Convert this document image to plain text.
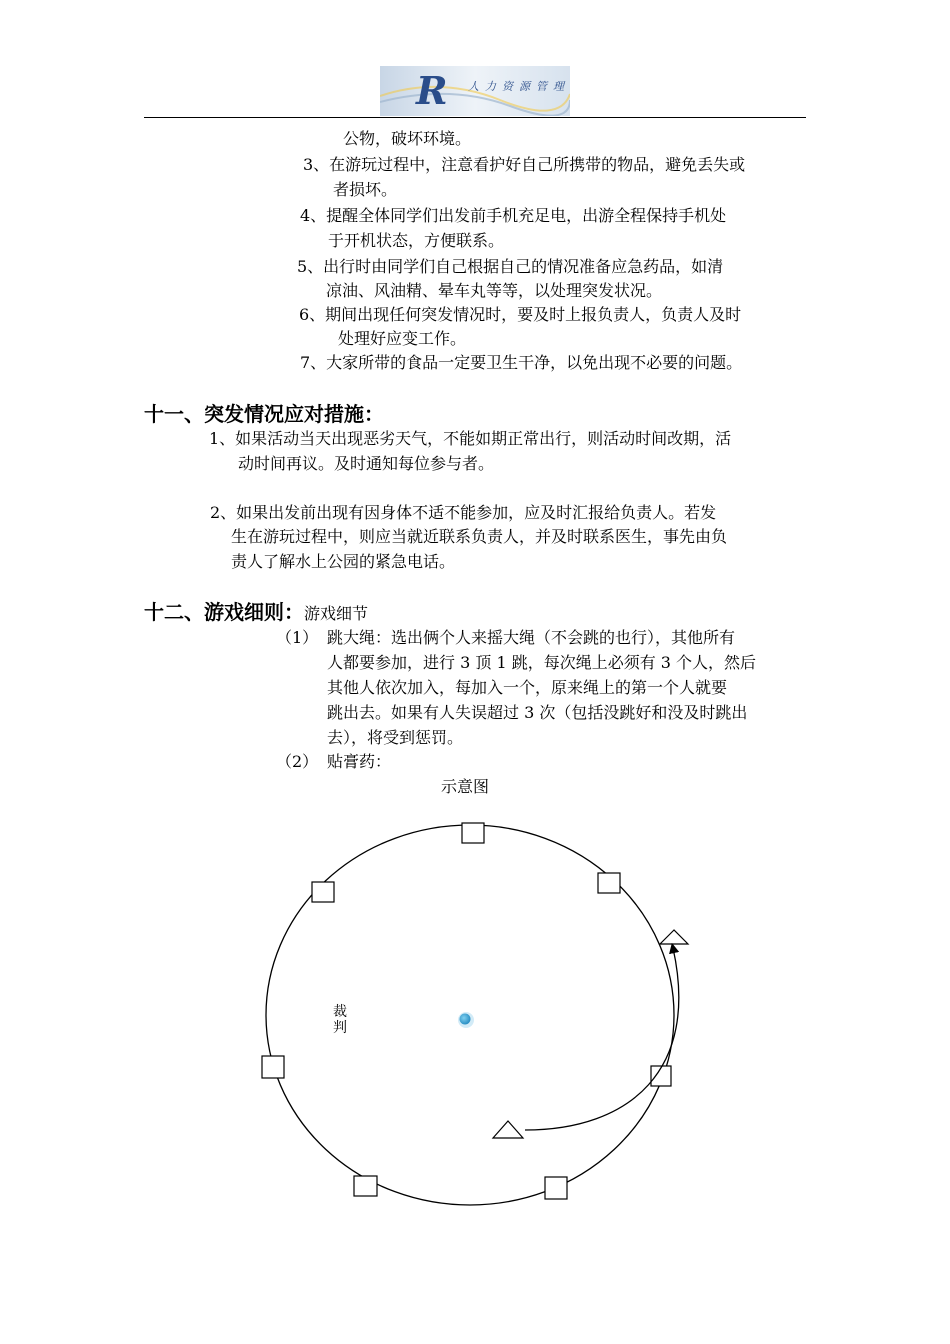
R 人力资源管理
公物，破坏环境。
3、在游玩过程中，注意看护好自己所携带的物品，避免丢失或
者损坏。
4、提醒全体同学们出发前手机充足电，出游全程保持手机处
于开机状态，方便联系。
5、出行时由同学们自己根据自己的情况准备应急药品，如清
凉油、风油精、晕车丸等等，以处理突发状况。
6、期间出现任何突发情况时，要及时上报负责人，负责人及时
处理好应变工作。
7、大家所带的食品一定要卫生干净，以免出现不必要的问题。
十一、突发情况应对措施：
1、如果活动当天出现恶劣天气，不能如期正常出行，则活动时间改期，活
动时间再议。及时通知每位参与者。
2、如果出发前出现有因身体不适不能参加，应及时汇报给负责人。若发
生在游玩过程中，则应当就近联系负责人，并及时联系医生，事先由负
责人了解水上公园的紧急电话。
十二、游戏细则：游戏细节
（1） 跳大绳：选出俩个人来摇大绳（不会跳的也行），其他所有
人都要参加，进行 3 顶 1 跳，每次绳上必须有 3 个人，然后
其他人依次加入，每加入一个，原来绳上的第一个人就要
跳出去。如果有人失误超过 3 次（包括没跳好和没及时跳出
去），将受到惩罚。
（2） 贴膏药：
示意图
裁
判
